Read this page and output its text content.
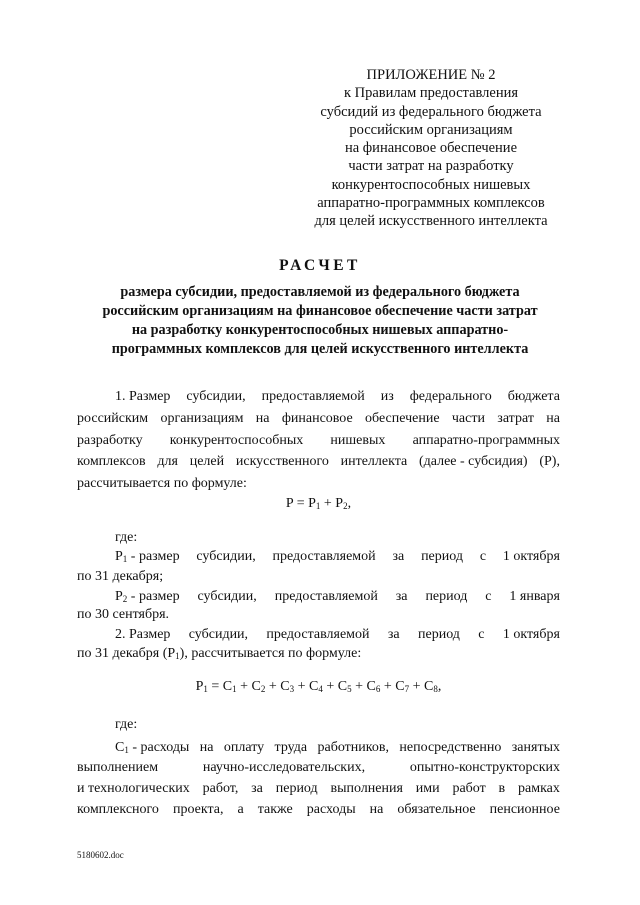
ПРИЛОЖЕНИЕ № 2
к Правилам предоставления
субсидий из федерального бюджета
российским организациям
на финансовое обеспечение
части затрат на разработку
конкурентоспособных нишевых
аппаратно-программных комплексов
для целей искусственного интеллекта
РАСЧЕТ
размера субсидии, предоставляемой из федерального бюджета
российским организациям на финансовое обеспечение части затрат
на разработку конкурентоспособных нишевых аппаратно-
программных комплексов для целей искусственного интеллекта
1. Размер субсидии, предоставляемой из федерального бюджета
российским организациям на финансовое обеспечение части затрат на
разработку конкурентоспособных нишевых аппаратно-программных
комплексов для целей искусственного интеллекта (далее - субсидия) (P),
рассчитывается по формуле:
$P = P_1 + P_2$,
где:
$P_1$ - размер субсидии, предоставляемой за период с 1 октября
по 31 декабря;
$P_2$ - размер субсидии, предоставляемой за период с 1 января
по 30 сентября.
2. Размер субсидии, предоставляемой за период с 1 октября
по 31 декабря $(P_1)$, рассчитывается по формуле:
$P_1 = C_1 + C_2 + C_3 + C_4 + C_5 + C_6 + C_7 + C_8$,
где:
$C_1$ - расходы на оплату труда работников, непосредственно занятых
выполнением	научно-исследовательских,	опытно-конструкторских
и технологических работ, за период выполнения ими работ в рамках
комплексного проекта, а также расходы на обязательное пенсионное
5180602.doc
